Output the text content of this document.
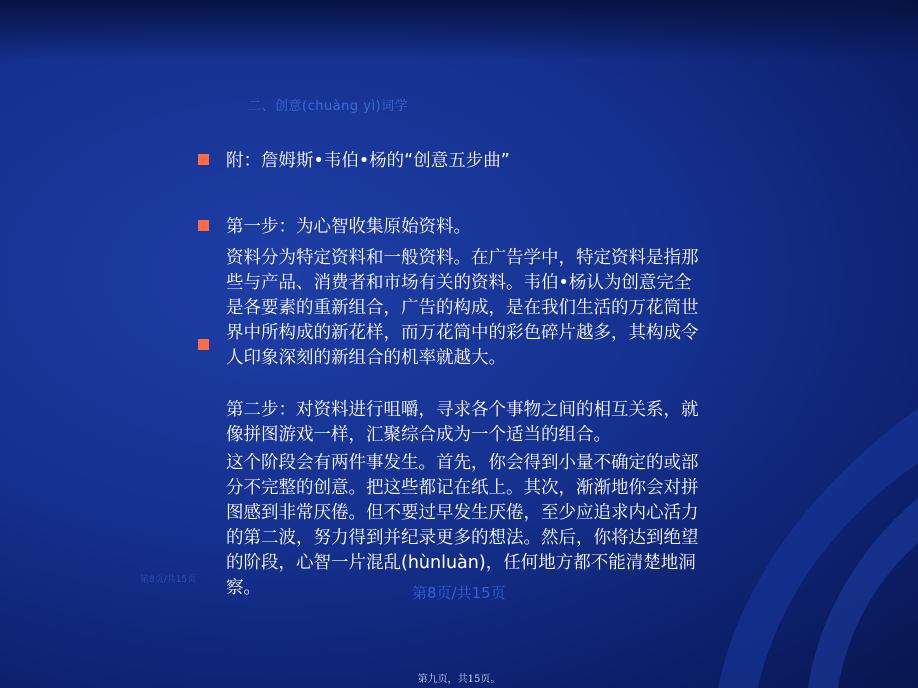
二、创意(chuàng yì)词学
附：詹姆斯•韦伯•杨的“创意五步曲”
第一步：为心智收集原始资料。
资料分为特定资料和一般资料。在广告学中，特定资料是指那
些与产品、消费者和市场有关的资料。韦伯•杨认为创意完全
是各要素的重新组合，广告的构成，是在我们生活的万花筒世
界中所构成的新花样，而万花筒中的彩色碎片越多，其构成令
人印象深刻的新组合的机率就越大。
第二步：对资料进行咀嚼，寻求各个事物之间的相互关系，就
像拼图游戏一样，汇聚综合成为一个适当的组合。
这个阶段会有两件事发生。首先，你会得到小量不确定的或部
分不完整的创意。把这些都记在纸上。其次，渐渐地你会对拼
图感到非常厌倦。但不要过早发生厌倦，至少应追求内心活力
的第二波，努力得到并纪录更多的想法。然后，你将达到绝望
的阶段，心智一片混乱(hùnluàn)，任何地方都不能清楚地洞
察。
第8页/共15页
第8页/共15页
第九页，共15页。
